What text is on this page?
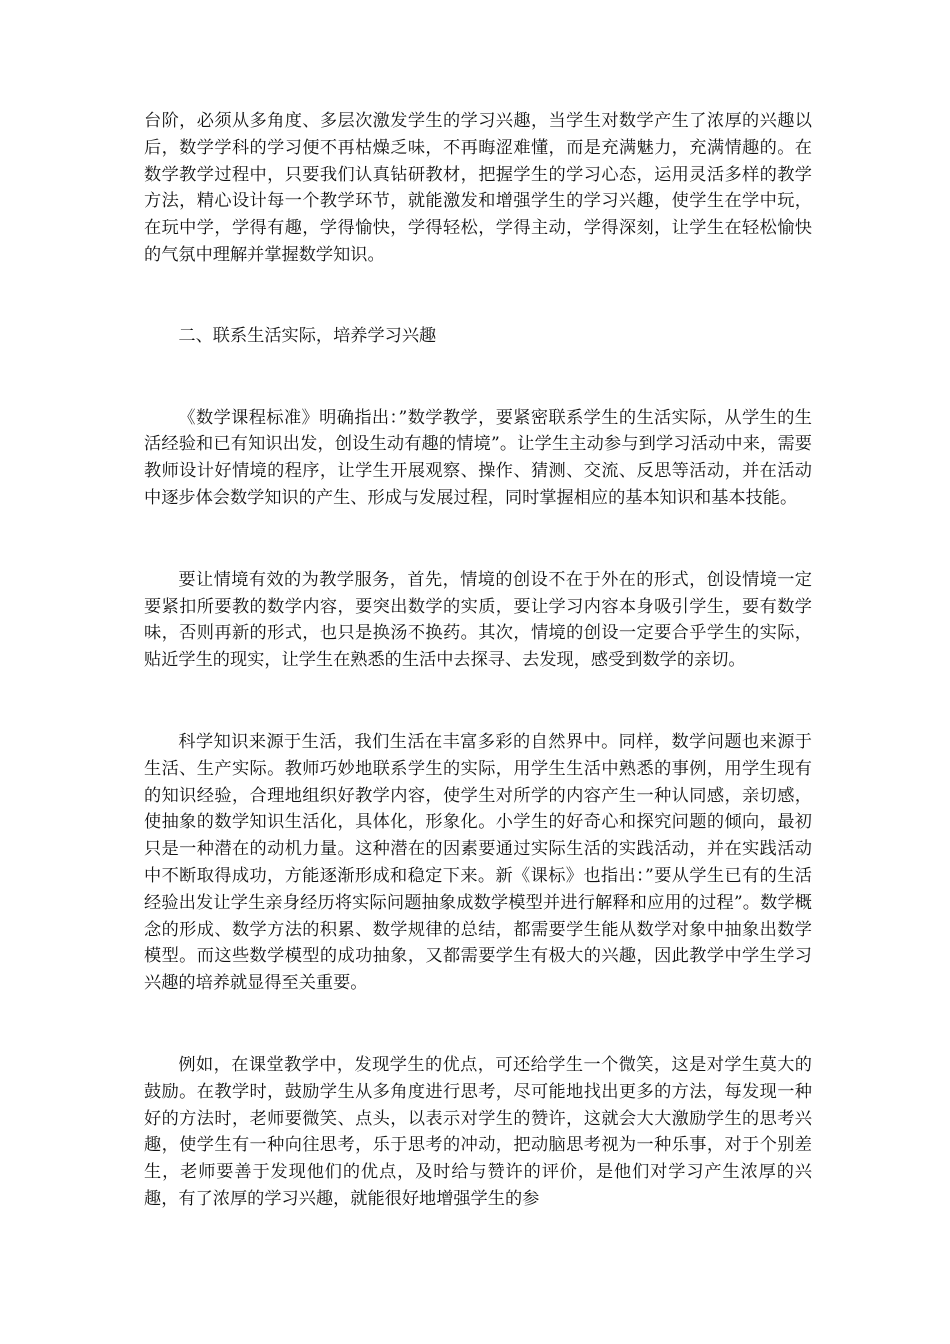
台阶，必须从多角度、多层次激发学生的学习兴趣，当学生对数学产生了浓厚的兴趣以后，数学学科的学习便不再枯燥乏味，不再晦涩难懂，而是充满魅力，充满情趣的。在数学教学过程中，只要我们认真钻研教材，把握学生的学习心态，运用灵活多样的教学方法，精心设计每一个教学环节，就能激发和增强学生的学习兴趣，使学生在学中玩，在玩中学，学得有趣，学得愉快，学得轻松，学得主动，学得深刻，让学生在轻松愉快的气氛中理解并掌握数学知识。

二、联系生活实际，培养学习兴趣

《数学课程标准》明确指出：”数学教学，要紧密联系学生的生活实际，从学生的生活经验和已有知识出发，创设生动有趣的情境”。让学生主动参与到学习活动中来，需要教师设计好情境的程序，让学生开展观察、操作、猜测、交流、反思等活动，并在活动中逐步体会数学知识的产生、形成与发展过程，同时掌握相应的基本知识和基本技能。

要让情境有效的为教学服务，首先，情境的创设不在于外在的形式，创设情境一定要紧扣所要教的数学内容，要突出数学的实质，要让学习内容本身吸引学生，要有数学味，否则再新的形式，也只是换汤不换药。其次，情境的创设一定要合乎学生的实际，贴近学生的现实，让学生在熟悉的生活中去探寻、去发现，感受到数学的亲切。

科学知识来源于生活，我们生活在丰富多彩的自然界中。同样，数学问题也来源于生活、生产实际。教师巧妙地联系学生的实际，用学生生活中熟悉的事例，用学生现有的知识经验，合理地组织好教学内容，使学生对所学的内容产生一种认同感，亲切感，使抽象的数学知识生活化，具体化，形象化。小学生的好奇心和探究问题的倾向，最初只是一种潜在的动机力量。这种潜在的因素要通过实际生活的实践活动，并在实践活动中不断取得成功，方能逐渐形成和稳定下来。新《课标》也指出：”要从学生已有的生活经验出发让学生亲身经历将实际问题抽象成数学模型并进行解释和应用的过程”。数学概念的形成、数学方法的积累、数学规律的总结，都需要学生能从数学对象中抽象出数学模型。而这些数学模型的成功抽象，又都需要学生有极大的兴趣，因此教学中学生学习兴趣的培养就显得至关重要。

例如，在课堂教学中，发现学生的优点，可还给学生一个微笑，这是对学生莫大的鼓励。在教学时，鼓励学生从多角度进行思考，尽可能地找出更多的方法，每发现一种好的方法时，老师要微笑、点头，以表示对学生的赞许，这就会大大激励学生的思考兴趣，使学生有一种向往思考，乐于思考的冲动，把动脑思考视为一种乐事，对于个别差生，老师要善于发现他们的优点，及时给与赞许的评价，是他们对学习产生浓厚的兴趣，有了浓厚的学习兴趣，就能很好地增强学生的参
